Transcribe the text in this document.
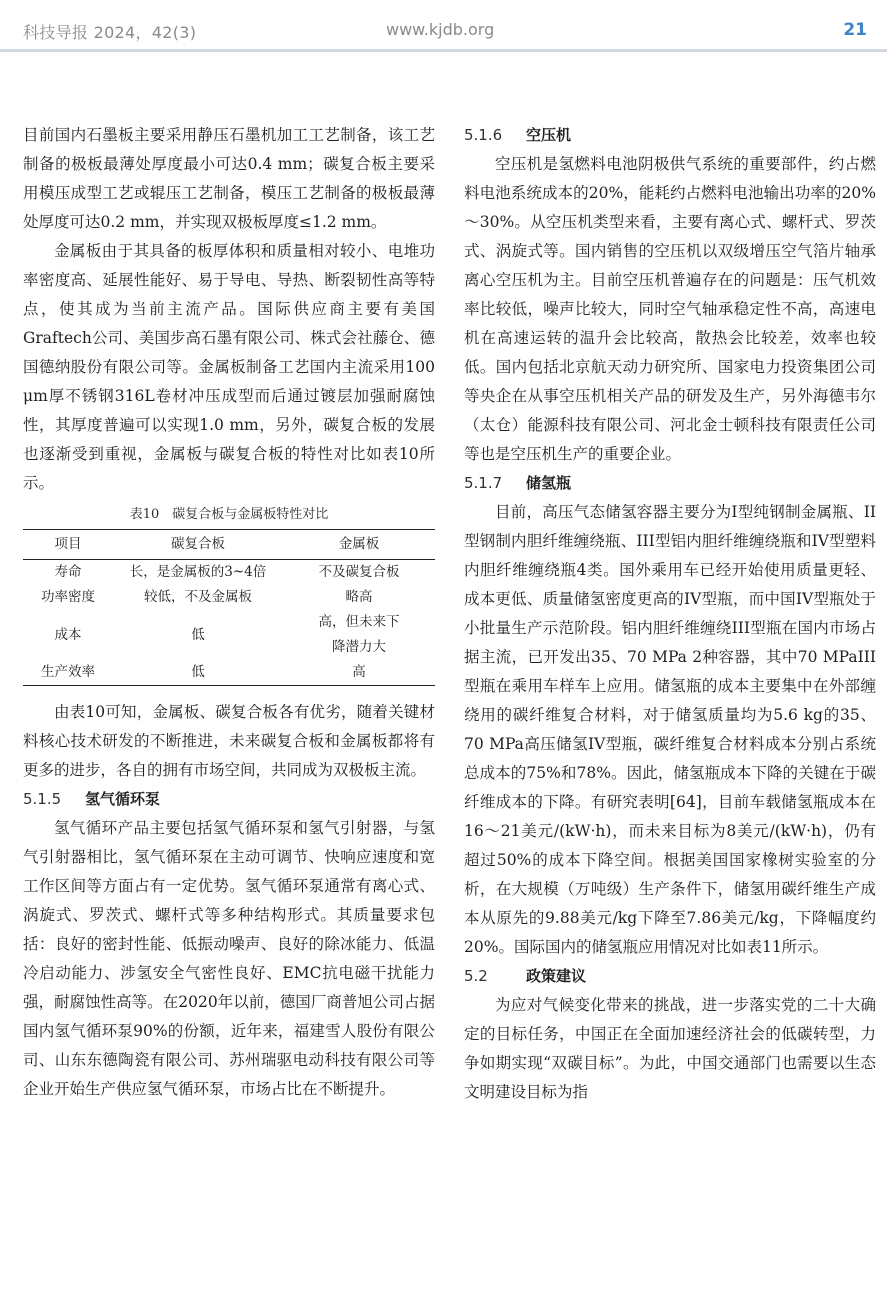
科技导报 2024，42(3)	www.kjdb.org	21

目前国内石墨板主要采用静压石墨机加工工艺制备，该工艺制备的极板最薄处厚度最小可达0.4 mm；碳复合板主要采用模压成型工艺或辊压工艺制备，模压工艺制备的极板最薄处厚度可达0.2 mm，并实现双极板厚度≤1.2 mm。

金属板由于其具备的板厚体积和质量相对较小、电堆功率密度高、延展性能好、易于导电、导热、断裂韧性高等特点，使其成为当前主流产品。国际供应商主要有美国Graftech公司、美国步高石墨有限公司、株式会社藤仓、德国德纳股份有限公司等。金属板制备工艺国内主流采用100 μm厚不锈钢316L卷材冲压成型而后通过镀层加强耐腐蚀性，其厚度普遍可以实现1.0 mm，另外，碳复合板的发展也逐渐受到重视，金属板与碳复合板的特性对比如表10所示。

表10　碳复合板与金属板特性对比
项目	碳复合板	金属板
寿命	长，是金属板的3~4倍	不及碳复合板
功率密度	较低，不及金属板	略高
成本	低	高，但未来下降潜力大
生产效率	低	高

由表10可知，金属板、碳复合板各有优劣，随着关键材料核心技术研发的不断推进，未来碳复合板和金属板都将有更多的进步，各自的拥有市场空间，共同成为双极板主流。

5.1.5 氢气循环泵

氢气循环产品主要包括氢气循环泵和氢气引射器，与氢气引射器相比，氢气循环泵在主动可调节、快响应速度和宽工作区间等方面占有一定优势。氢气循环泵通常有离心式、涡旋式、罗茨式、螺杆式等多种结构形式。其质量要求包括：良好的密封性能、低振动噪声、良好的除冰能力、低温冷启动能力、涉氢安全气密性良好、EMC抗电磁干扰能力强，耐腐蚀性高等。在2020年以前，德国厂商普旭公司占据国内氢气循环泵90%的份额，近年来，福建雪人股份有限公司、山东东德陶瓷有限公司、苏州瑞驱电动科技有限公司等企业开始生产供应氢气循环泵，市场占比在不断提升。

5.1.6 空压机

空压机是氢燃料电池阴极供气系统的重要部件，约占燃料电池系统成本的20%，能耗约占燃料电池输出功率的20%～30%。从空压机类型来看，主要有离心式、螺杆式、罗茨式、涡旋式等。国内销售的空压机以双级增压空气箔片轴承离心空压机为主。目前空压机普遍存在的问题是：压气机效率比较低，噪声比较大，同时空气轴承稳定性不高，高速电机在高速运转的温升会比较高，散热会比较差，效率也较低。国内包括北京航天动力研究所、国家电力投资集团公司等央企在从事空压机相关产品的研发及生产，另外海德韦尔（太仓）能源科技有限公司、河北金士顿科技有限责任公司等也是空压机生产的重要企业。

5.1.7 储氢瓶

目前，高压气态储氢容器主要分为I型纯钢制金属瓶、II型钢制内胆纤维缠绕瓶、III型铝内胆纤维缠绕瓶和IV型塑料内胆纤维缠绕瓶4类。国外乘用车已经开始使用质量更轻、成本更低、质量储氢密度更高的IV型瓶，而中国IV型瓶处于小批量生产示范阶段。铝内胆纤维缠绕III型瓶在国内市场占据主流，已开发出35、70 MPa 2种容器，其中70 MPaIII型瓶在乘用车样车上应用。储氢瓶的成本主要集中在外部缠绕用的碳纤维复合材料，对于储氢质量均为5.6 kg的35、70 MPa高压储氢IV型瓶，碳纤维复合材料成本分别占系统总成本的75%和78%。因此，储氢瓶成本下降的关键在于碳纤维成本的下降。有研究表明[64]，目前车载储氢瓶成本在16～21美元/(kW·h)，而未来目标为8美元/(kW·h)，仍有超过50%的成本下降空间。根据美国国家橡树实验室的分析，在大规模（万吨级）生产条件下，储氢用碳纤维生产成本从原先的9.88美元/kg下降至7.86美元/kg，下降幅度约20%。国际国内的储氢瓶应用情况对比如表11所示。

5.2	政策建议

为应对气候变化带来的挑战，进一步落实党的二十大确定的目标任务，中国正在全面加速经济社会的低碳转型，力争如期实现“双碳目标”。为此，中国交通部门也需要以生态文明建设目标为指
